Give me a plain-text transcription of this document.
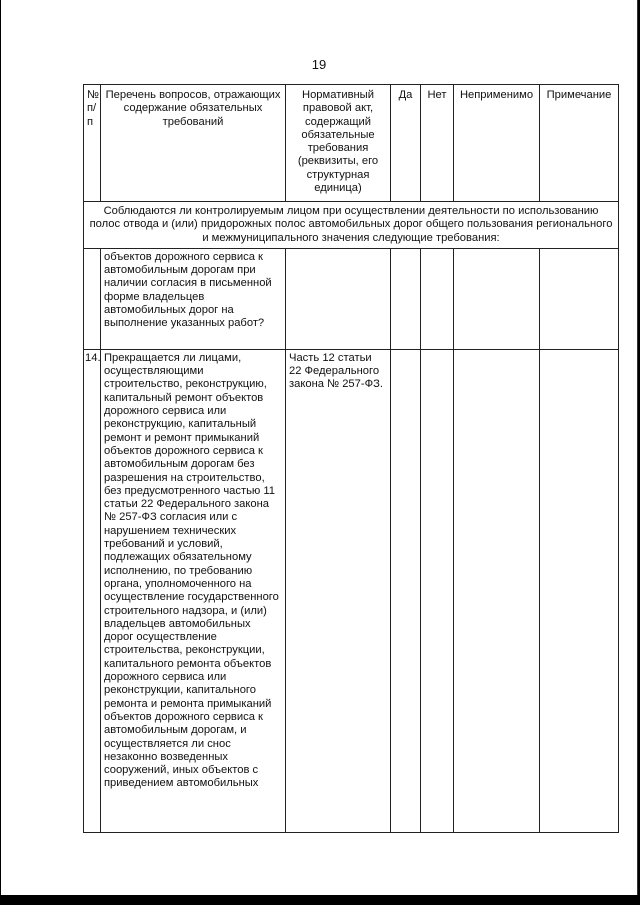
19
№ п/п	Перечень вопросов, отражающих содержание обязательных требований	Нормативный правовой акт, содержащий обязательные требования (реквизиты, его структурная единица)	Да	Нет	Неприменимо	Примечание
Соблюдаются ли контролируемым лицом при осуществлении деятельности по использованию полос отвода и (или) придорожных полос автомобильных дорог общего пользования регионального и межмуниципального значения следующие требования:						
	объектов дорожного сервиса к автомобильным дорогам при наличии согласия в письменной форме владельцев автомобильных дорог на выполнение указанных работ?					
14.	Прекращается ли лицами, осуществляющими строительство, реконструкцию, капитальный ремонт объектов дорожного сервиса или реконструкцию, капитальный ремонт и ремонт примыканий объектов дорожного сервиса к автомобильным дорогам без разрешения на строительство, без предусмотренного частью 11 статьи 22 Федерального закона № 257-ФЗ согласия или с нарушением технических требований и условий, подлежащих обязательному исполнению, по требованию органа, уполномоченного на осуществление государственного строительного надзора, и (или) владельцев автомобильных дорог осуществление строительства, реконструкции, капитального ремонта объектов дорожного сервиса или реконструкции, капитального ремонта и ремонта примыканий объектов дорожного сервиса к автомобильным дорогам, и осуществляется ли снос незаконно возведенных сооружений, иных объектов с приведением автомобильных	Часть 12 статьи 22 Федерального закона № 257-ФЗ.				
